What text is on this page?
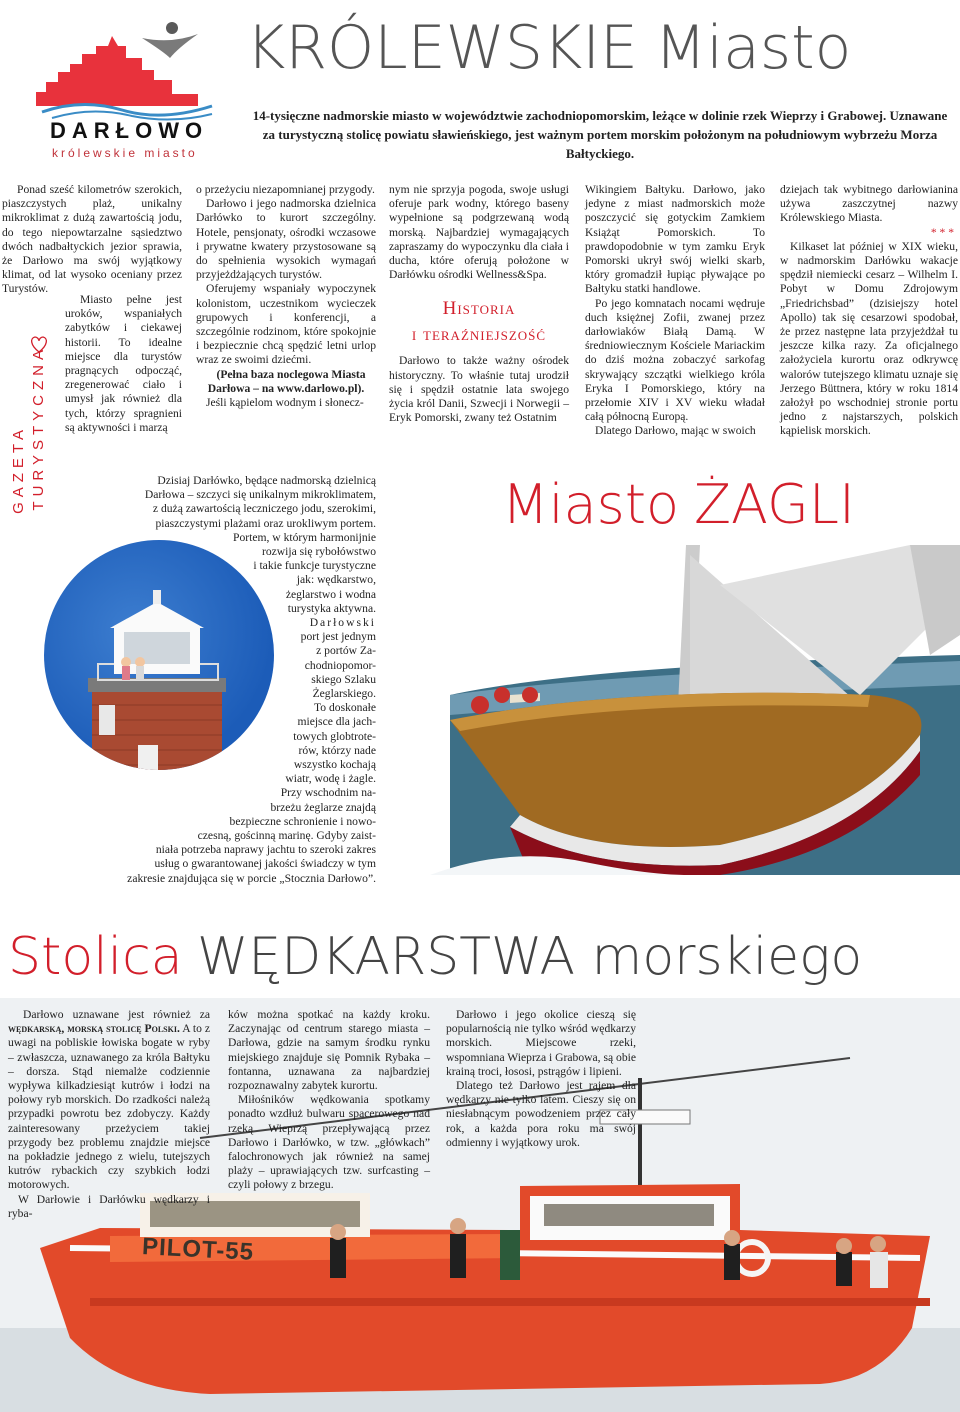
DARŁOWO
królewskie miasto
KRÓLEWSKIE Miasto
14-tysięczne nadmorskie miasto w województwie zachodniopomorskim, leżące w dolinie rzek Wieprzy i Grabowej. Uznawane za turystyczną stolicę powiatu sławieńskiego, jest ważnym portem morskim położonym na południowym wybrzeżu Morza Bałtyckiego.
GAZETA TURYSTYCZNA

Ponad sześć kilometrów szerokich, piaszczystych plaż, unikalny mikroklimat z dużą zawartością jodu, do tego niepowtarzalne sąsiedztwo dwóch nadbałtyckich jezior sprawia, że Darłowo ma swój wyjątkowy klimat, od lat wysoko oceniany przez Turystów.

Miasto pełne jest uroków, wspaniałych zabytków i ciekawej historii. To idealne miejsce dla turystów pragnących odpocząć, zregenerować ciało i umysł jak również dla tych, którzy spragnieni są aktywności i marzą

o przeżyciu niezapomnianej przygody.

Darłowo i jego nadmorska dzielnica Darłówko to kurort szczególny. Hotele, pensjonaty, ośrodki wczasowe i prywatne kwatery przystosowane są do spełnienia wysokich wymagań przyjeżdżających turystów.

Oferujemy wspaniały wypoczynek kolonistom, uczestnikom wycieczek grupowych i konferencji, a szczególnie rodzinom, które spokojnie i bezpiecznie chcą spędzić letni urlop wraz ze swoimi dziećmi.

(Pełna baza noclegowa Miasta Darłowa – na www.darlowo.pl).

Jeśli kąpielom wodnym i słonecz-

nym nie sprzyja pogoda, swoje usługi oferuje park wodny, którego baseny wypełnione są podgrzewaną wodą morską. Najbardziej wymagających zapraszamy do wypoczynku dla ciała i ducha, które oferują położone w Darłówku ośrodki Wellness&Spa.

Historia
i teraźniejszość

Darłowo to także ważny ośrodek historyczny. To właśnie tutaj urodził się i spędził ostatnie lata swojego życia król Danii, Szwecji i Norwegii – Eryk Pomorski, zwany też Ostatnim

Wikingiem Bałtyku. Darłowo, jako jedyne z miast nadmorskich może poszczycić się gotyckim Zamkiem Książąt Pomorskich. To prawdopodobnie w tym zamku Eryk Pomorski ukrył swój wielki skarb, który gromadził łupiąc pływające po Bałtyku statki handlowe.

Po jego komnatach nocami wędruje duch księżnej Zofii, zwanej przez darłowiaków Białą Damą. W średniowiecznym Kościele Mariackim do dziś można zobaczyć sarkofag skrywający szczątki wielkiego króla Eryka I Pomorskiego, który na przełomie XIV i XV wieku władał całą północną Europą.

Dlatego Darłowo, mając w swoich

dziejach tak wybitnego darłowianina używa zaszczytnej nazwy Królewskiego Miasta.

* * *

Kilkaset lat później w XIX wieku, w nadmorskim Darłówku wakacje spędził niemiecki cesarz – Wilhelm I. Pobyt w Domu Zdrojowym „Friedrichsbad” (dzisiejszy hotel Apollo) tak się cesarzowi spodobał, że przez następne lata przyjeżdżał tu jeszcze kilka razy. Za oficjalnego założyciela kurortu oraz odkrywcę walorów tutejszego klimatu uznaje się Jerzego Büttnera, który w roku 1814 założył po wschodniej stronie portu jedno z najstarszych, polskich kąpielisk morskich.

Miasto ŻAGLI
Dzisiaj Darłówko, będące nadmorską dzielnicą
Darłowa – szczyci się unikalnym mikroklimatem,
z dużą zawartością leczniczego jodu, szerokimi,
piaszczystymi plażami oraz urokliwym portem.
Portem, w którym harmonijnie
rozwija się rybołówstwo
i takie funkcje turystyczne
jak: wędkarstwo,
żeglarstwo i wodna
turystyka aktywna.
Darłowski
port jest jednym
z portów Za-
chodniopomor-
skiego Szlaku
Żeglarskiego.
To doskonałe
miejsce dla jach-
towych globtrote-
rów, którzy nade
wszystko kochają
wiatr, wodę i żagle.
Przy wschodnim na-
brzeżu żeglarze znajdą
bezpieczne schronienie i nowo-
czesną, gościnną marinę. Gdyby zaist-
niała potrzeba naprawy jachtu to szeroki zakres
usług o gwarantowanej jakości świadczy w tym
zakresie znajdująca się w porcie „Stocznia Darłowo”.
Stolica WĘDKARSTWA morskiego
PILOT-55

Darłowo uznawane jest również za wędkarską, morską stolicę Polski. A to z uwagi na pobliskie łowiska bogate w ryby – zwłaszcza, uznawanego za króla Bałtyku – dorsza. Stąd niemalże codziennie wypływa kilkadziesiąt kutrów i łodzi na połowy ryb morskich. Do rzadkości należą przypadki powrotu bez zdobyczy. Każdy zainteresowany przeżyciem takiej przygody bez problemu znajdzie miejsce na pokładzie jednego z wielu, tutejszych kutrów rybackich czy szybkich łodzi motorowych.

W Darłowie i Darłówku wędkarzy i ryba-

ków można spotkać na każdy kroku. Zaczynając od centrum starego miasta – Darłowa, gdzie na samym środku rynku miejskiego znajduje się Pomnik Rybaka – fontanna, uznawana za najbardziej rozpoznawalny zabytek kurortu.

Miłośników wędkowania spotkamy ponadto wzdłuż bulwaru spacerowego nad rzeką Wieprzą przepływającą przez Darłowo i Darłówko, w tzw. „główkach” falochronowych jak również na samej plaży – uprawiających tzw. surfcasting – czyli połowy z brzegu.

Darłowo i jego okolice cieszą się popularnością nie tylko wśród wędkarzy morskich. Miejscowe rzeki, wspomniana Wieprza i Grabowa, są obie krainą troci, łososi, pstrągów i lipieni.

Dlatego też Darłowo jest rajem dla wędkarzy nie tylko latem. Cieszy się on niesłabnącym powodzeniem przez cały rok, a każda pora roku ma swój odmienny i wyjątkowy urok.
